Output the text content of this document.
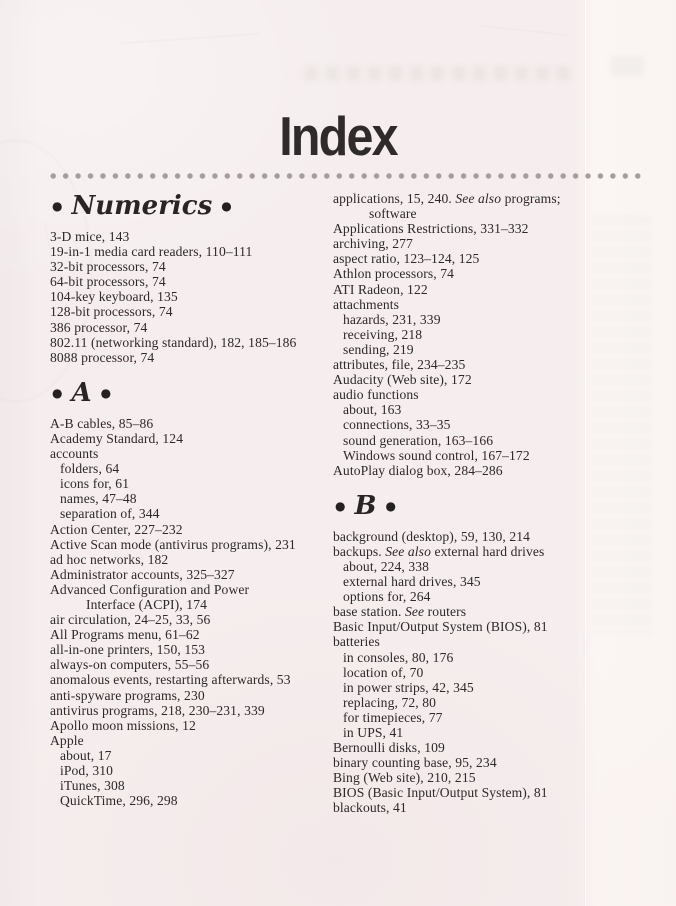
Index
● Numerics ●
3-D mice, 143
19-in-1 media card readers, 110–111
32-bit processors, 74
64-bit processors, 74
104-key keyboard, 135
128-bit processors, 74
386 processor, 74
802.11 (networking standard), 182, 185–186
8088 processor, 74
● A ●
A-B cables, 85–86
Academy Standard, 124
accounts
folders, 64
icons for, 61
names, 47–48
separation of, 344
Action Center, 227–232
Active Scan mode (antivirus programs), 231
ad hoc networks, 182
Administrator accounts, 325–327
Advanced Configuration and Power
Interface (ACPI), 174
air circulation, 24–25, 33, 56
All Programs menu, 61–62
all-in-one printers, 150, 153
always-on computers, 55–56
anomalous events, restarting afterwards, 53
anti-spyware programs, 230
antivirus programs, 218, 230–231, 339
Apollo moon missions, 12
Apple
about, 17
iPod, 310
iTunes, 308
QuickTime, 296, 298
applications, 15, 240. See also programs;
software
Applications Restrictions, 331–332
archiving, 277
aspect ratio, 123–124, 125
Athlon processors, 74
ATI Radeon, 122
attachments
hazards, 231, 339
receiving, 218
sending, 219
attributes, file, 234–235
Audacity (Web site), 172
audio functions
about, 163
connections, 33–35
sound generation, 163–166
Windows sound control, 167–172
AutoPlay dialog box, 284–286
● B ●
background (desktop), 59, 130, 214
backups. See also external hard drives
about, 224, 338
external hard drives, 345
options for, 264
base station. See routers
Basic Input/Output System (BIOS), 81
batteries
in consoles, 80, 176
location of, 70
in power strips, 42, 345
replacing, 72, 80
for timepieces, 77
in UPS, 41
Bernoulli disks, 109
binary counting base, 95, 234
Bing (Web site), 210, 215
BIOS (Basic Input/Output System), 81
blackouts, 41
